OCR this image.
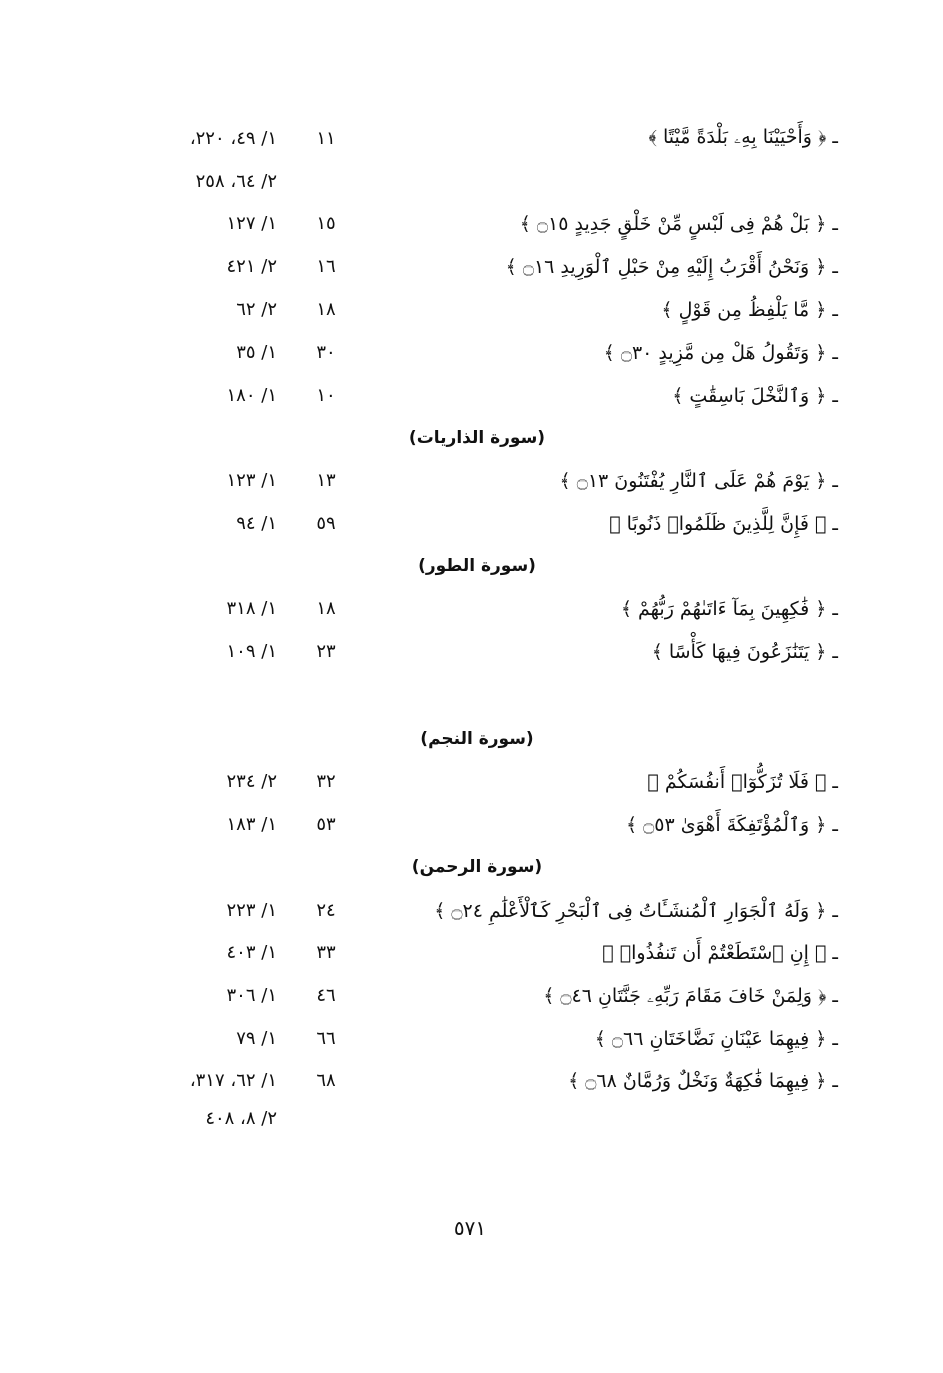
ـ ﴿ وَأَحْيَيْنَا بِهِۦ بَلْدَةً مَّيْتًا ﴾
١١
١/ ٤٩، ٢٢٠،
٢/ ٦٤، ٢٥٨
ـ ﴿ بَلْ هُمْ فِى لَبْسٍ مِّنْ خَلْقٍ جَدِيدٍ ۝١٥ ﴾
١٥
١/ ١٢٧
ـ ﴿ وَنَحْنُ أَقْرَبُ إِلَيْهِ مِنْ حَبْلِ ٱلْوَرِيدِ ۝١٦ ﴾
١٦
٢/ ٤٢١
ـ ﴿ مَّا يَلْفِظُ مِن قَوْلٍ ﴾
١٨
٢/ ٦٢
ـ ﴿ وَتَقُولُ هَلْ مِن مَّزِيدٍ ۝٣٠ ﴾
٣٠
١/ ٣٥
ـ ﴿ وَٱلنَّخْلَ بَاسِقَٰتٍ ﴾
١٠
١/ ١٨٠
(سورة الذاريات)
ـ ﴿ يَوْمَ هُمْ عَلَى ٱلنَّارِ يُفْتَنُونَ ۝١٣ ﴾
١٣
١/ ١٢٣
ـ ﴿ فَإِنَّ لِلَّذِينَ ظَلَمُوا۟ ذَنُوبًا ﴾
٥٩
١/ ٩٤
(سورة الطور)
ـ ﴿ فَٰكِهِينَ بِمَآ ءَاتَىٰهُمْ رَبُّهُمْ ﴾
١٨
١/ ٣١٨
ـ ﴿ يَتَنَٰزَعُونَ فِيهَا كَأْسًا ﴾
٢٣
١/ ١٠٩
(سورة النجم)
ـ ﴿ فَلَا تُزَكُّوٓا۟ أَنفُسَكُمْ ﴾
٣٢
٢/ ٢٣٤
ـ ﴿ وَٱلْمُؤْتَفِكَةَ أَهْوَىٰ ۝٥٣ ﴾
٥٣
١/ ١٨٣
(سورة الرحمن)
ـ ﴿ وَلَهُ ٱلْجَوَارِ ٱلْمُنشَـَٔاتُ فِى ٱلْبَحْرِ كَٱلْأَعْلَٰمِ ۝٢٤ ﴾
٢٤
١/ ٢٢٣
ـ ﴿ إِنِ ٱسْتَطَعْتُمْ أَن تَنفُذُوا۟ ﴾
٣٣
١/ ٤٠٣
ـ ﴿ وَلِمَنْ خَافَ مَقَامَ رَبِّهِۦ جَنَّتَانِ ۝٤٦ ﴾
٤٦
١/ ٣٠٦
ـ ﴿ فِيهِمَا عَيْنَانِ نَضَّاخَتَانِ ۝٦٦ ﴾
٦٦
١/ ٧٩
ـ ﴿ فِيهِمَا فَٰكِهَةٌ وَنَخْلٌ وَرُمَّانٌ ۝٦٨ ﴾
٦٨
١/ ٦٢، ٣١٧،
٢/ ٨، ٤٠٨
٥٧١
